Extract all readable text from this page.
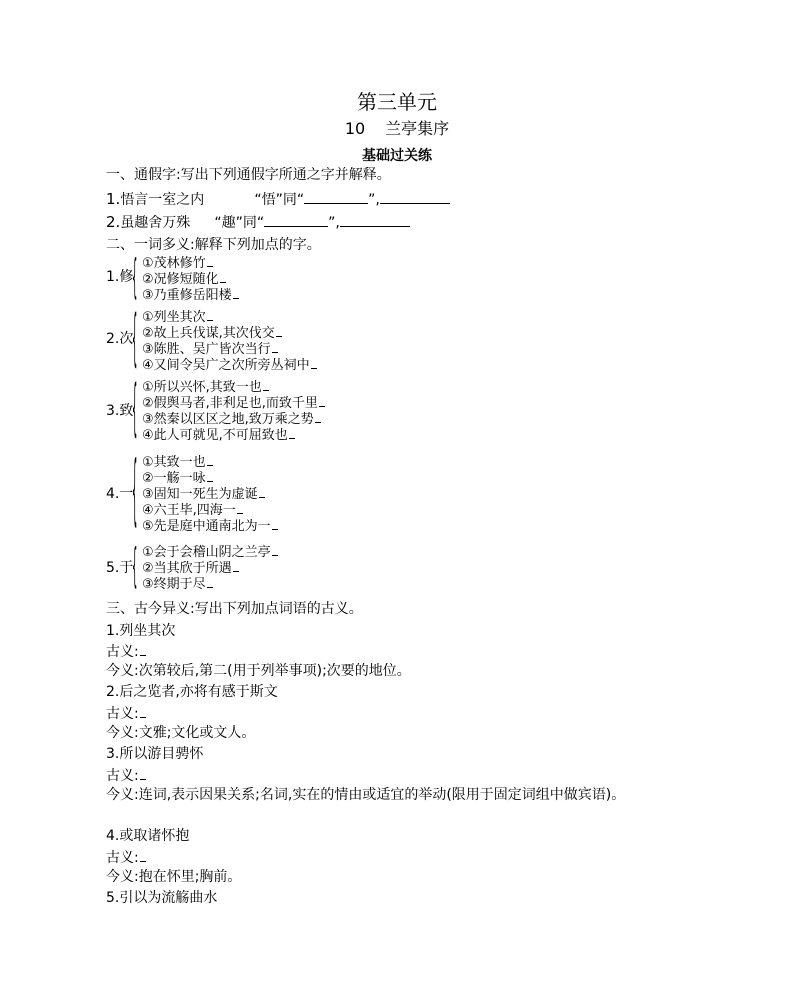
第三单元
10 兰亭集序
基础过关练
一、通假字:写出下列通假字所通之字并解释。
1.悟言一室之内	“悟”同“	”,
2.虽趣舍万殊 “趣”同“	”,
二、一词多义:解释下列加点的字。
1.修
{ ①茂林修竹
②况修短随化
③乃重修岳阳楼
2.次
{ ①列坐其次
②故上兵伐谋,其次伐交
③陈胜、吴广皆次当行
④又间令吴广之次所旁丛祠中
3.致
{ ①所以兴怀,其致一也
②假舆马者,非利足也,而致千里
③然秦以区区之地,致万乘之势
④此人可就见,不可屈致也
4.一
{ ①其致一也
②一觞一咏
③固知一死生为虚诞
④六王毕,四海一
⑤先是庭中通南北为一
5.于
{ ①会于会稽山阴之兰亭
②当其欣于所遇
③终期于尽
三、古今异义:写出下列加点词语的古义。
1.列坐其次
古义:
今义:次第较后,第二(用于列举事项);次要的地位。
2.后之览者,亦将有感于斯文
古义:
今义:文雅;文化或文人。
3.所以游目骋怀
古义:
今义:连词,表示因果关系;名词,实在的情由或适宜的举动(限用于固定词组中做宾语)。
4.或取诸怀抱
古义:
今义:抱在怀里;胸前。
5.引以为流觞曲水
